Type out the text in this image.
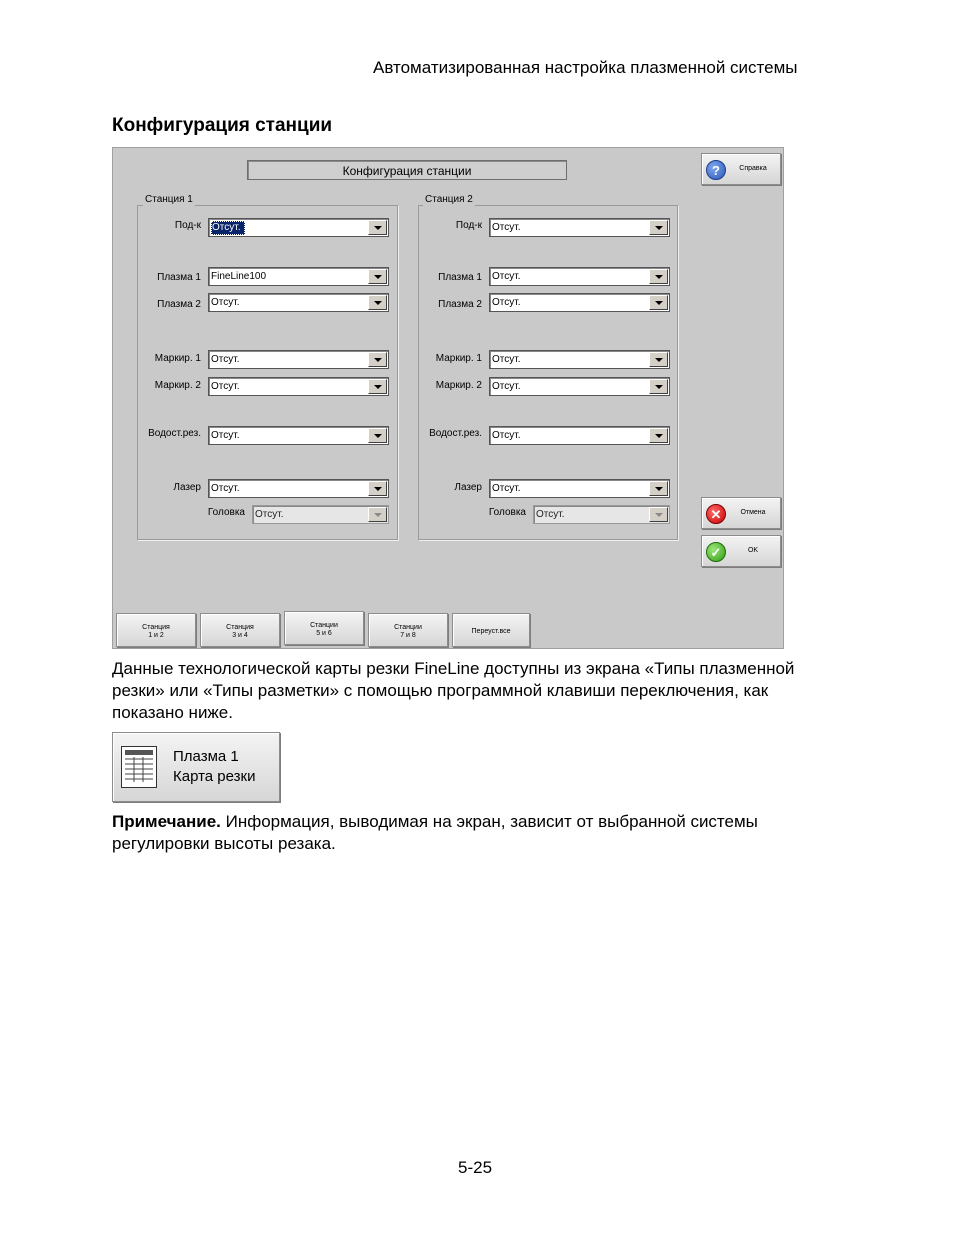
Автоматизированная настройка плазменной системы
Конфигурация станции
Конфигурация станции	?	Справка
Станция 1
Под-к Отсут.
Плазма 1 FineLine100
Плазма 2 Отсут.
Маркир. 1 Отсут.
Маркир. 2 Отсут.
Водост.рез. Отсут.
Лазер Отсут.
Головка Отсут.
Станция 2
Под-к Отсут.
Плазма 1 Отсут.
Плазма 2 Отсут.
Маркир. 1 Отсут.
Маркир. 2 Отсут.
Водост.рез. Отсут.
Лазер Отсут.
Головка Отсут.	✕	Отмена
✓	OK
Станция
1 и 2
Станция
3 и 4
Станции
5 и 6
Станции
7 и 8
Переуст.все
Данные технологической карты резки FineLine доступны из экрана «Типы плазменной резки» или «Типы разметки» с помощью программной клавиши переключения, как показано ниже.
Плазма 1
Карта резки
Примечание. Информация, выводимая на экран, зависит от выбранной системы регулировки высоты резака.
5-25
